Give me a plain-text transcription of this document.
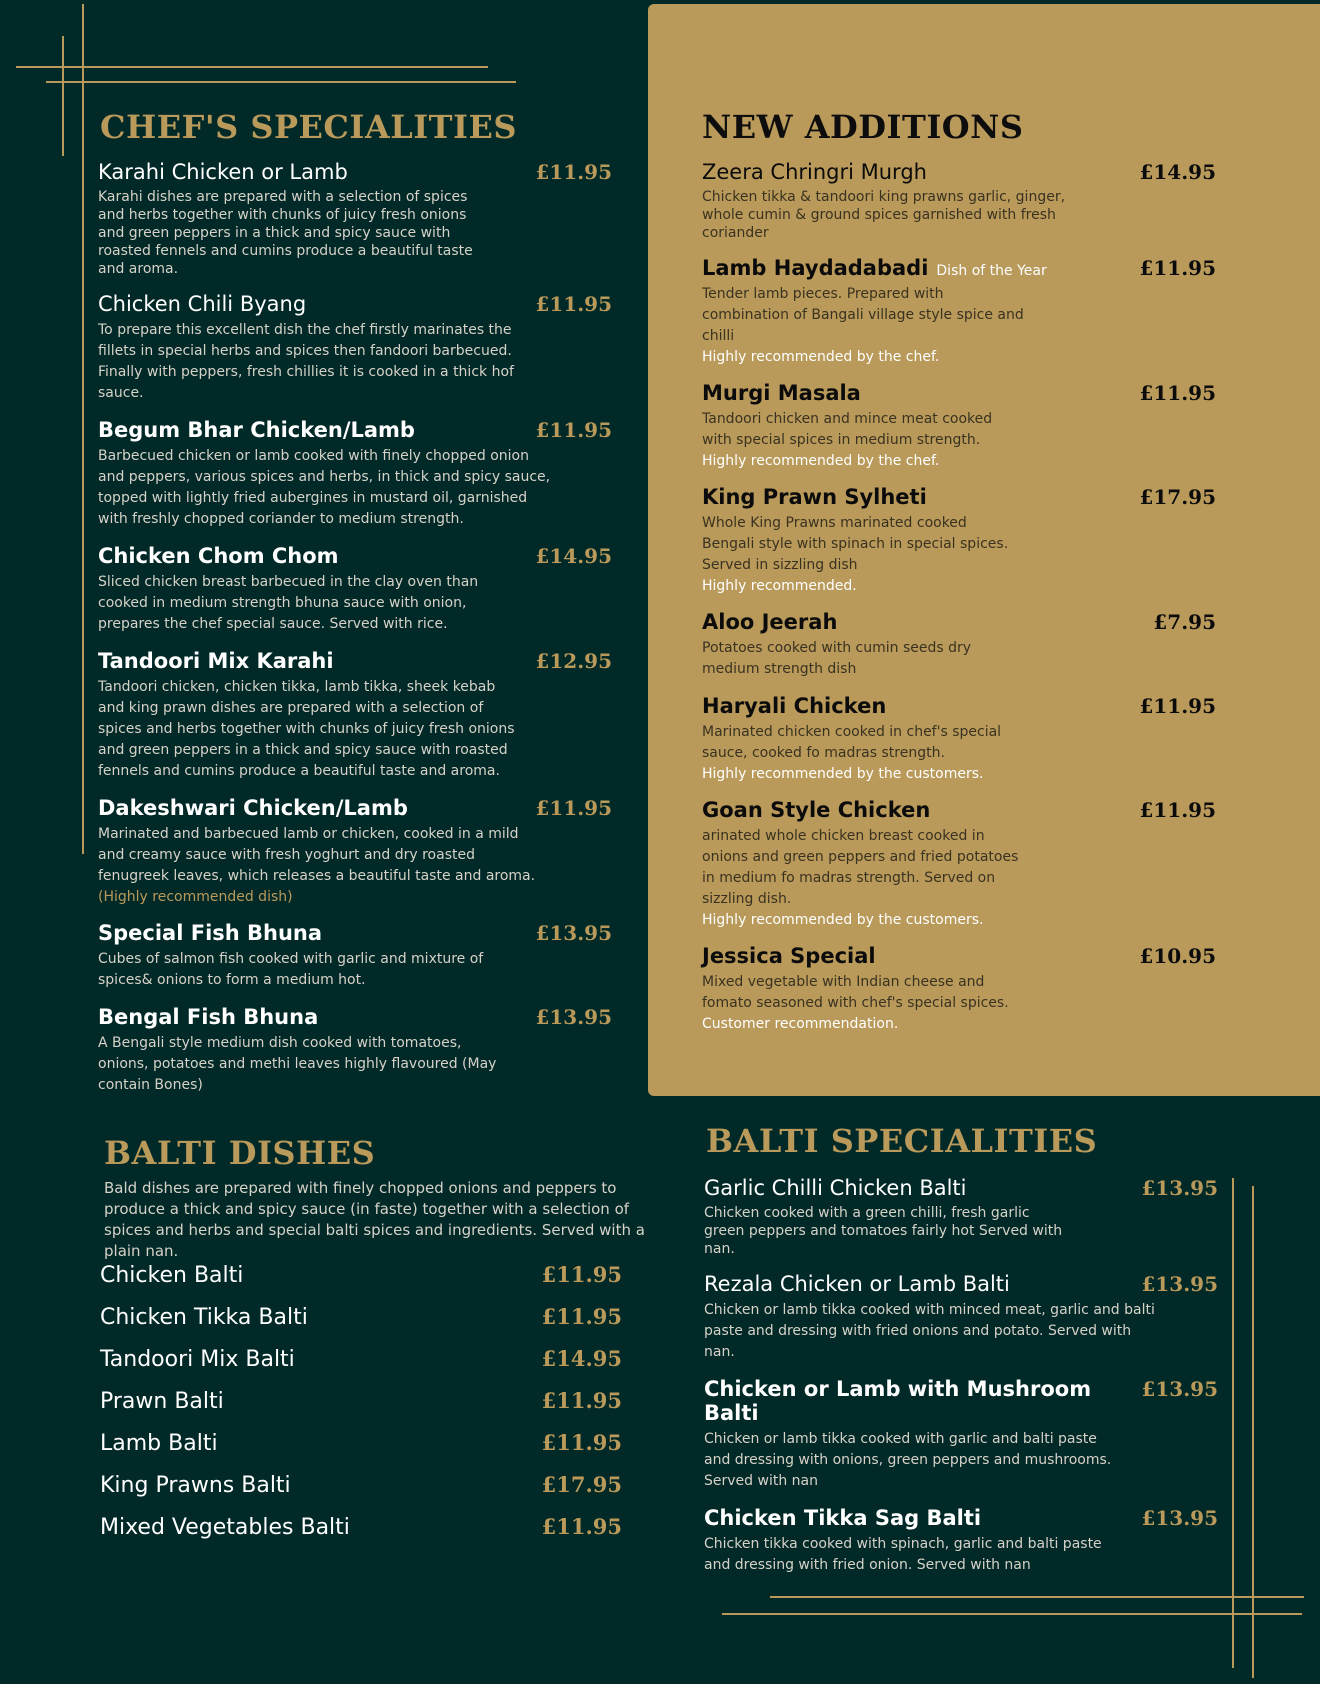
CHEF'S SPECIALITIES
Karahi Chicken or Lamb	£11.95
Karahi dishes are prepared with a selection of spices and herbs together with chunks of juicy fresh onions and green peppers in a thick and spicy sauce with roasted fennels and cumins produce a beautiful taste and aroma.
Chicken Chili Byang	£11.95
To prepare this excellent dish the chef firstly marinates the fillets in special herbs and spices then fandoori barbecued. Finally with peppers, fresh chillies it is cooked in a thick hof sauce.
Begum Bhar Chicken/Lamb	£11.95
Barbecued chicken or lamb cooked with finely chopped onion and peppers, various spices and herbs, in thick and spicy sauce, topped with lightly fried aubergines in mustard oil, garnished with freshly chopped coriander to medium strength.
Chicken Chom Chom	£14.95
Sliced chicken breast barbecued in the clay oven than cooked in medium strength bhuna sauce with onion, prepares the chef special sauce. Served with rice.
Tandoori Mix Karahi	£12.95
Tandoori chicken, chicken tikka, lamb tikka, sheek kebab and king prawn dishes are prepared with a selection of spices and herbs together with chunks of juicy fresh onions and green peppers in a thick and spicy sauce with roasted fennels and cumins produce a beautiful taste and aroma.
Dakeshwari Chicken/Lamb	£11.95
Marinated and barbecued lamb or chicken, cooked in a mild and creamy sauce with fresh yoghurt and dry roasted fenugreek leaves, which releases a beautiful taste and aroma.
(Highly recommended dish)
Special Fish Bhuna	£13.95
Cubes of salmon fish cooked with garlic and mixture of spices& onions to form a medium hot.
Bengal Fish Bhuna	£13.95
A Bengali style medium dish cooked with tomatoes, onions, potatoes and methi leaves highly flavoured (May contain Bones)
NEW ADDITIONS
Zeera Chringri Murgh	£14.95
Chicken tikka & tandoori king prawns garlic, ginger, whole cumin & ground spices garnished with fresh coriander
Lamb Haydadabadi Dish of the Year	£11.95
Tender lamb pieces. Prepared with combination of Bangali village style spice and chilli
Highly recommended by the chef.
Murgi Masala	£11.95
Tandoori chicken and mince meat cooked with special spices in medium strength.
Highly recommended by the chef.
King Prawn Sylheti	£17.95
Whole King Prawns marinated cooked Bengali style with spinach in special spices. Served in sizzling dish
Highly recommended.
Aloo Jeerah	£7.95
Potatoes cooked with cumin seeds dry medium strength dish
Haryali Chicken	£11.95
Marinated chicken cooked in chef's special sauce, cooked fo madras strength.
Highly recommended by the customers.
Goan Style Chicken	£11.95
arinated whole chicken breast cooked in onions and green peppers and fried potatoes in medium fo madras strength. Served on sizzling dish.
Highly recommended by the customers.
Jessica Special	£10.95
Mixed vegetable with Indian cheese and fomato seasoned with chef's special spices.
Customer recommendation.
BALTI DISHES
Bald dishes are prepared with finely chopped onions and peppers to produce a thick and spicy sauce (in faste) together with a selection of spices and herbs and special balti spices and ingredients. Served with a plain nan.
Chicken Balti	£11.95
Chicken Tikka Balti	£11.95
Tandoori Mix Balti	£14.95
Prawn Balti	£11.95
Lamb Balti	£11.95
King Prawns Balti	£17.95
Mixed Vegetables Balti	£11.95
BALTI SPECIALITIES
Garlic Chilli Chicken Balti	£13.95
Chicken cooked with a green chilli, fresh garlic green peppers and tomatoes fairly hot Served with nan.
Rezala Chicken or Lamb Balti	£13.95
Chicken or lamb tikka cooked with minced meat, garlic and balti paste and dressing with fried onions and potato. Served with nan.
Chicken or Lamb with Mushroom Balti
£13.95
Chicken or lamb tikka cooked with garlic and balti paste and dressing with onions, green peppers and mushrooms. Served with nan
Chicken Tikka Sag Balti	£13.95
Chicken tikka cooked with spinach, garlic and balti paste and dressing with fried onion. Served with nan
